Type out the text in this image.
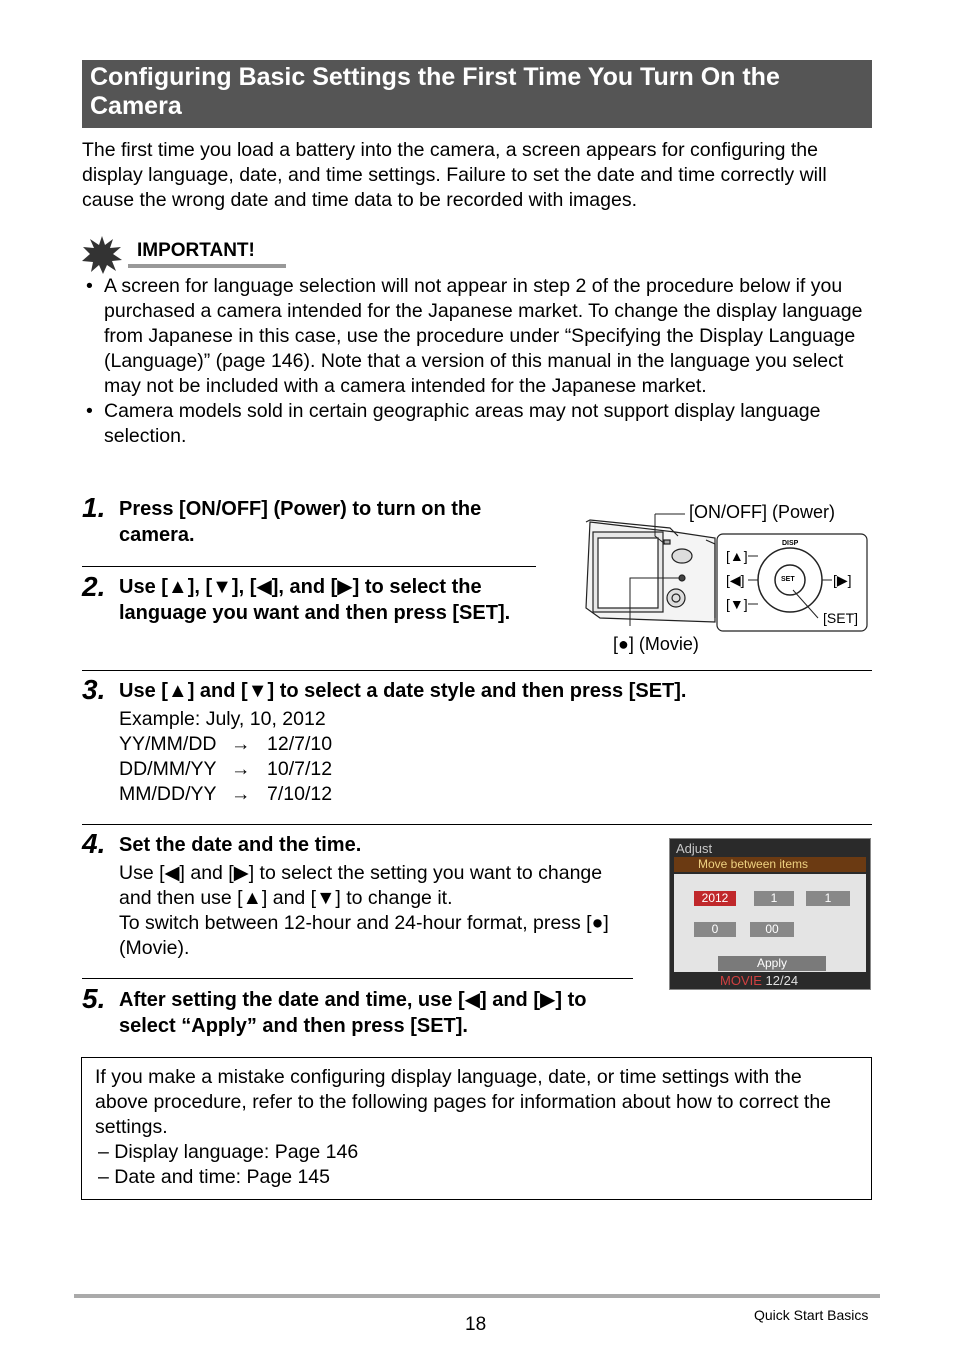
Configuring Basic Settings the First Time You Turn On the Camera
The first time you load a battery into the camera, a screen appears for configuring the display language, date, and time settings. Failure to set the date and time correctly will cause the wrong date and time data to be recorded with images.
IMPORTANT!
• A screen for language selection will not appear in step 2 of the procedure below if you purchased a camera intended for the Japanese market. To change the display language from Japanese in this case, use the procedure under “Specifying the Display Language (Language)” (page 146). Note that a version of this manual in the language you select may not be included with a camera intended for the Japanese market.
• Camera models sold in certain geographic areas may not support display language selection.
1. Press [ON/OFF] (Power) to turn on the camera.
2. Use [▲], [▼], [◀], and [▶] to select the language you want and then press [SET].
[ON/OFF] (Power)
[●] (Movie)
[▲]
[◀]
[▼]
[▶]
[SET]
DISP
SET
3. Use [▲] and [▼] to select a date style and then press [SET].
Example: July, 10, 2012
YY/MM/DD → 12/7/10
DD/MM/YY → 10/7/12
MM/DD/YY → 7/10/12
4. Set the date and the time.
Use [◀] and [▶] to select the setting you want to change and then use [▲] and [▼] to change it.
To switch between 12-hour and 24-hour format, press [●] (Movie).
Adjust
Move between items
2012	1	1
0	00
Apply
MOVIE 12/24
5. After setting the date and time, use [◀] and [▶] to select “Apply” and then press [SET].
If you make a mistake configuring display language, date, or time settings with the above procedure, refer to the following pages for information about how to correct the settings.
– Display language: Page 146
– Date and time: Page 145
18	Quick Start Basics
